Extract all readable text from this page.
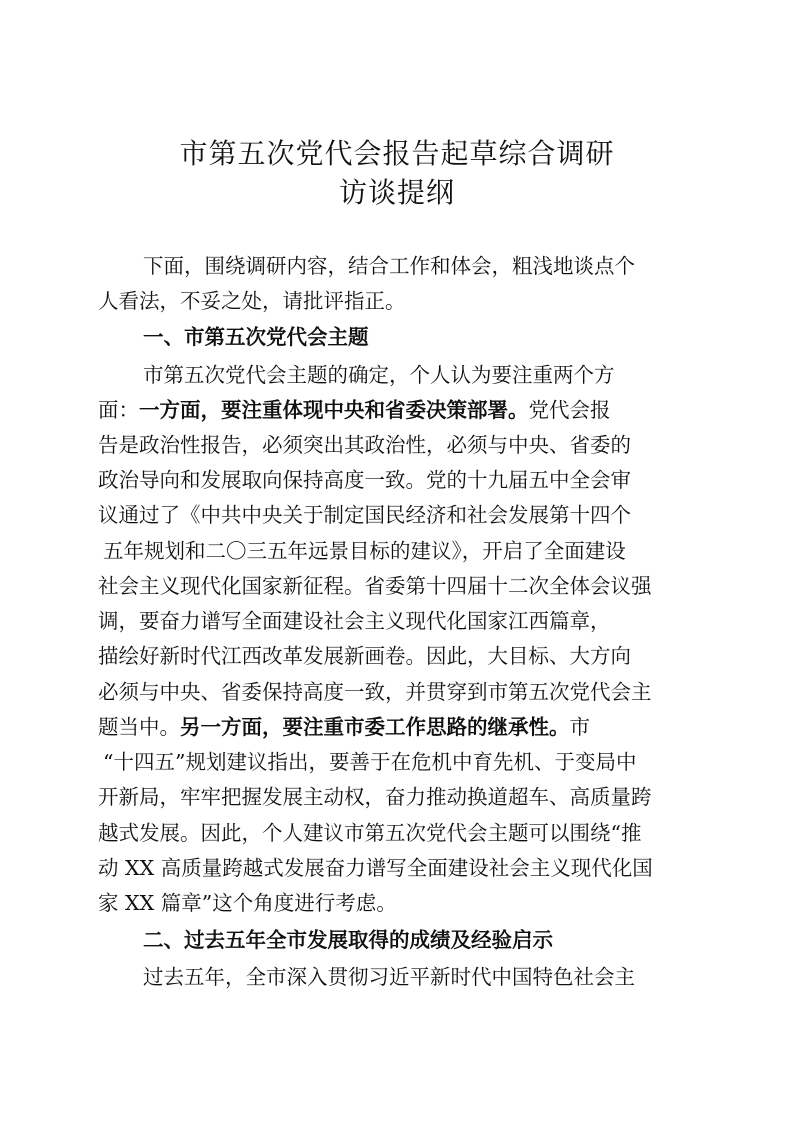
市第五次党代会报告起草综合调研
访谈提纲
下面，围绕调研内容，结合工作和体会，粗浅地谈点个
人看法，不妥之处，请批评指正。
一、市第五次党代会主题
市第五次党代会主题的确定，个人认为要注重两个方
面：一方面，要注重体现中央和省委决策部署。党代会报
告是政治性报告，必须突出其政治性，必须与中央、省委的
政治导向和发展取向保持高度一致。党的十九届五中全会审
议通过了《中共中央关于制定国民经济和社会发展第十四个
五年规划和二〇三五年远景目标的建议》，开启了全面建设
社会主义现代化国家新征程。省委第十四届十二次全体会议强
调，要奋力谱写全面建设社会主义现代化国家江西篇章，
描绘好新时代江西改革发展新画卷。因此，大目标、大方向
必须与中央、省委保持高度一致，并贯穿到市第五次党代会主
题当中。另一方面，要注重市委工作思路的继承性。市
“十四五”规划建议指出，要善于在危机中育先机、于变局中
开新局，牢牢把握发展主动权，奋力推动换道超车、高质量跨
越式发展。因此，个人建议市第五次党代会主题可以围绕“推
动 XX 高质量跨越式发展奋力谱写全面建设社会主义现代化国
家 XX 篇章”这个角度进行考虑。
二、过去五年全市发展取得的成绩及经验启示
过去五年，全市深入贯彻习近平新时代中国特色社会主
